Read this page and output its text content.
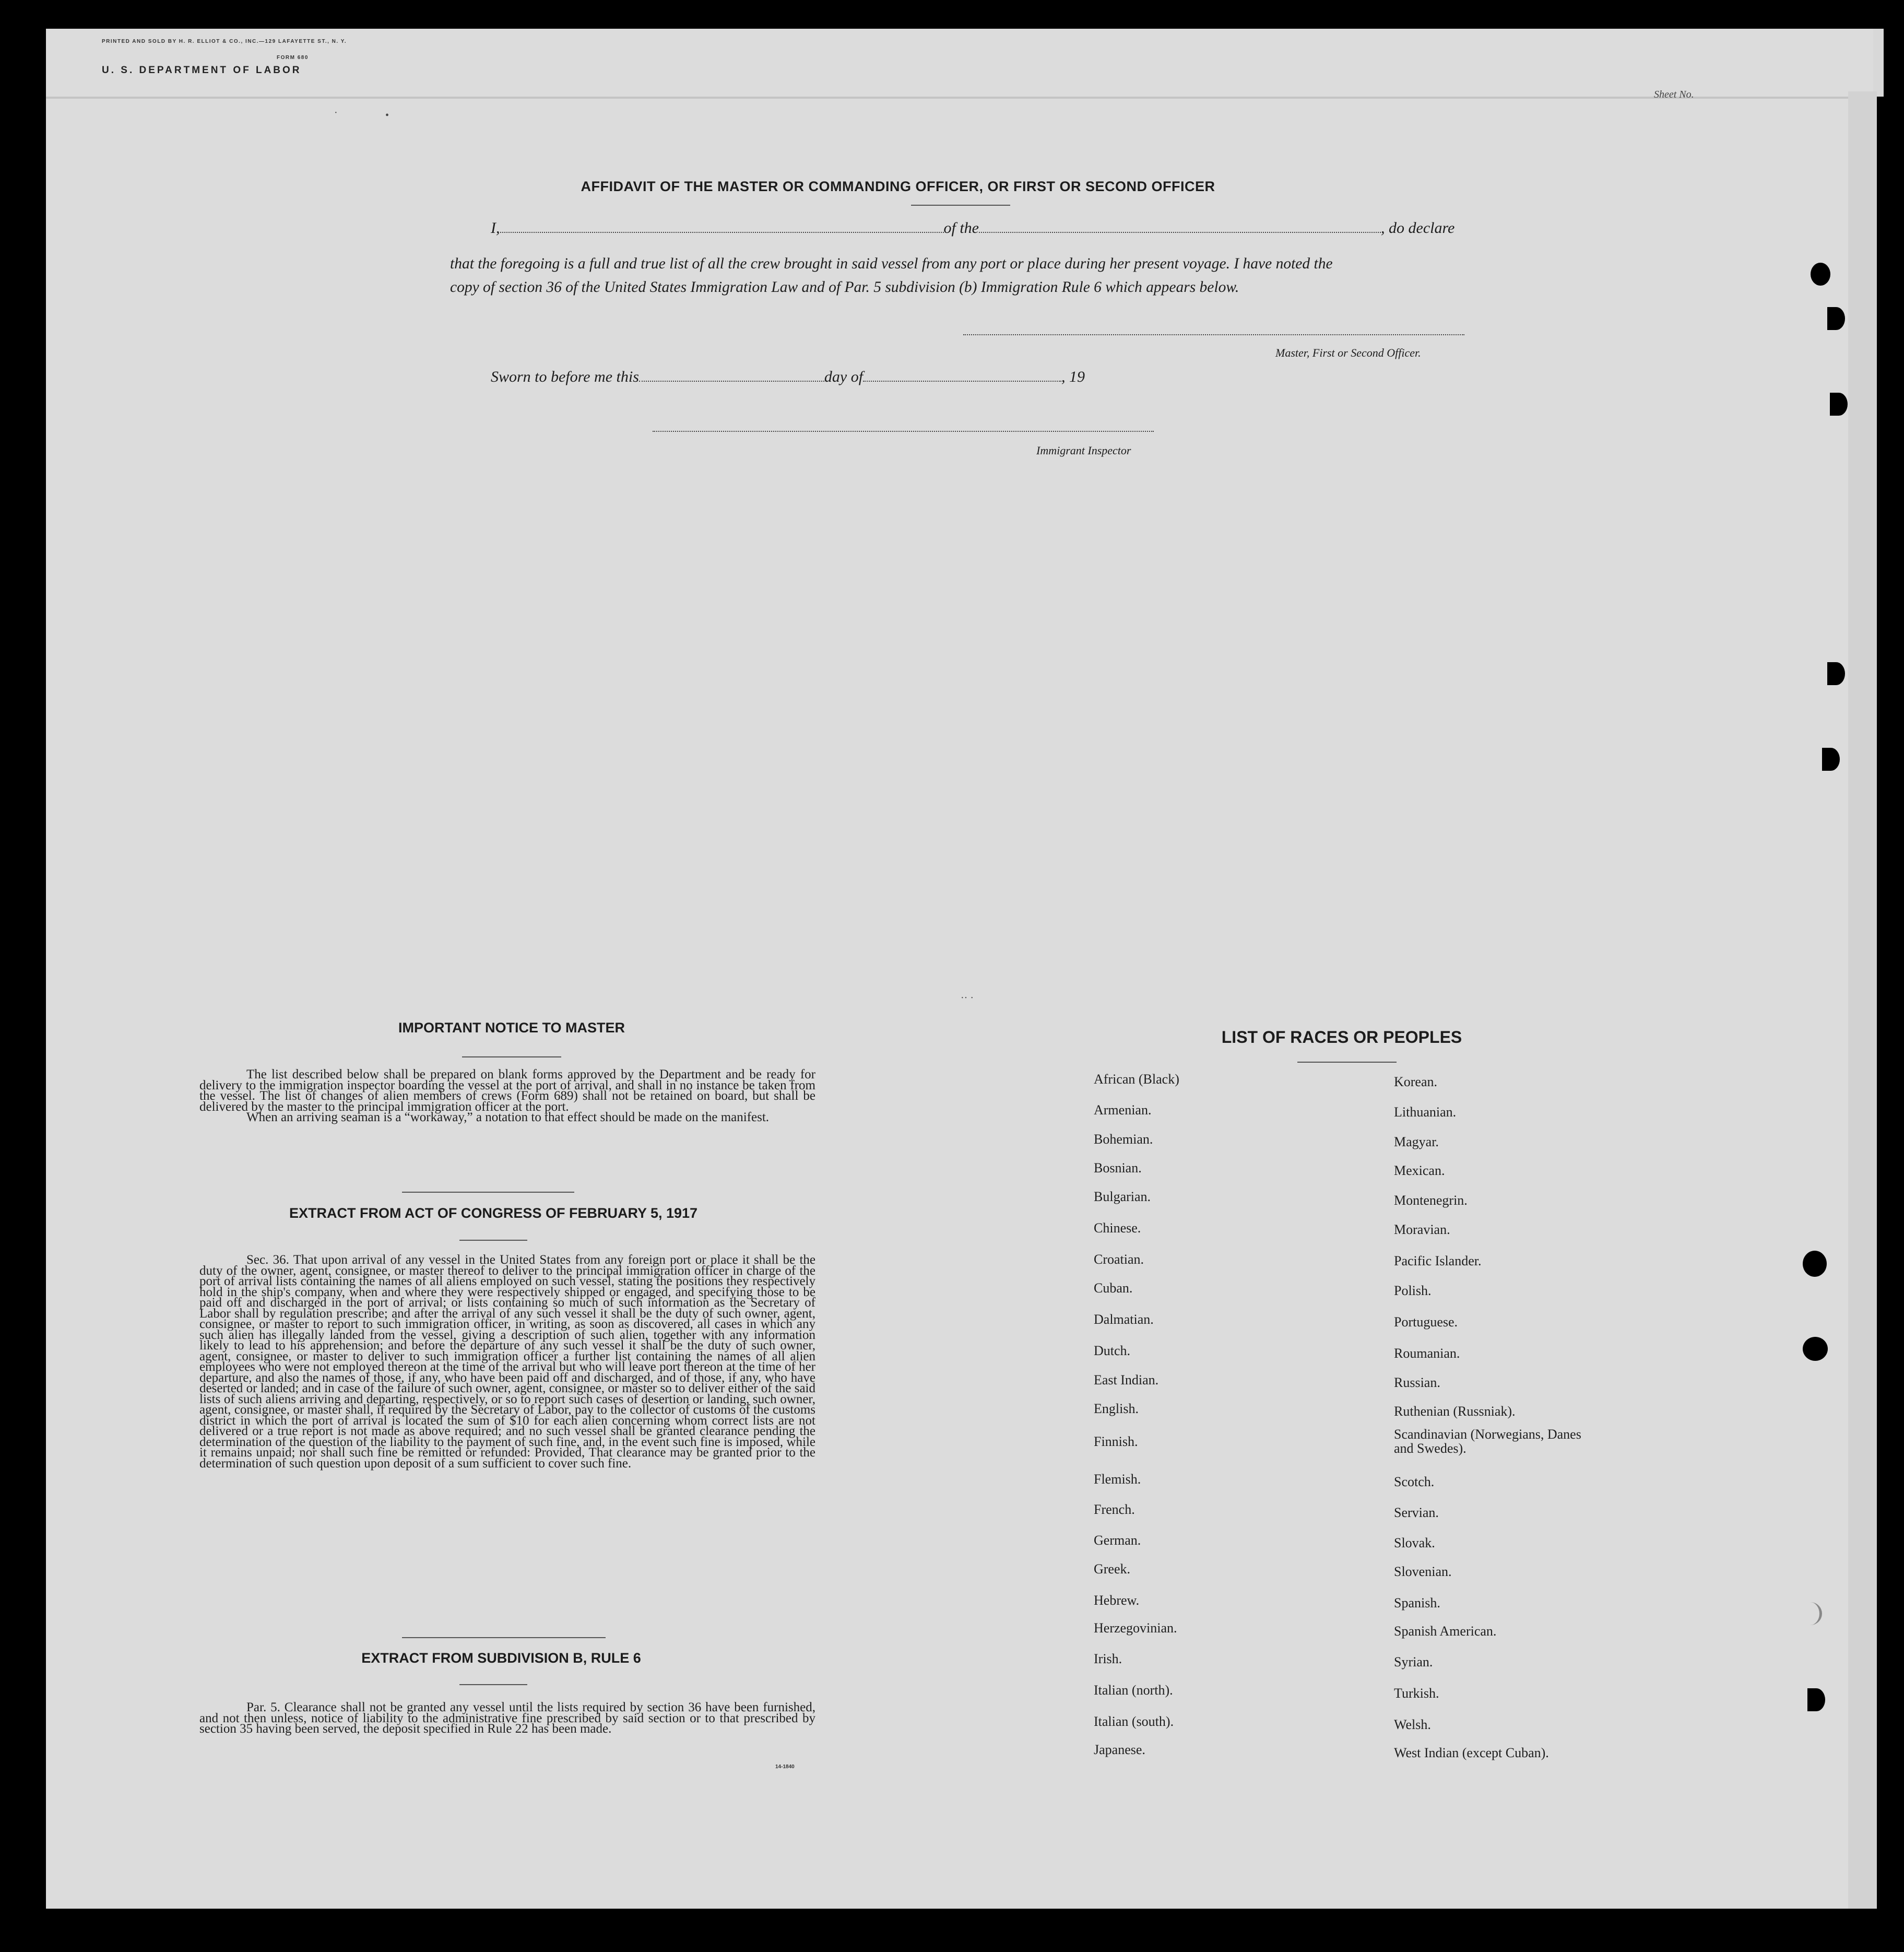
PRINTED AND SOLD BY H. R. ELLIOT & CO., INC.—129 LAFAYETTE ST., N. Y.
FORM 680
U. S. DEPARTMENT OF LABOR
Sheet No.
AFFIDAVIT OF THE MASTER OR COMMANDING OFFICER, OR FIRST OR SECOND OFFICER
I,	of the	, do declare
that the foregoing is a full and true list of all the crew brought in said vessel from any port or place during her present voyage. I have noted the
copy of section 36 of the United States Immigration Law and of Par. 5 subdivision (b) Immigration Rule 6 which appears below.
Master, First or Second Officer.
Sworn to before me this	day of	, 19
Immigrant Inspector
IMPORTANT NOTICE TO MASTER

The list described below shall be prepared on blank forms approved by the Department and be ready for delivery to the immigration inspector boarding the vessel at the port of arrival, and shall in no instance be taken from the vessel. The list of changes of alien members of crews (Form 689) shall not be retained on board, but shall be delivered by the master to the principal immigration officer at the port.

When an arriving seaman is a “workaway,” a notation to that effect should be made on the manifest.

EXTRACT FROM ACT OF CONGRESS OF FEBRUARY 5, 1917

Sec. 36. That upon arrival of any vessel in the United States from any foreign port or place it shall be the duty of the owner, agent, consignee, or master thereof to deliver to the principal immigration officer in charge of the port of arrival lists containing the names of all aliens employed on such vessel, stating the positions they respectively hold in the ship's company, when and where they were respectively shipped or engaged, and specifying those to be paid off and discharged in the port of arrival; or lists containing so much of such information as the Secretary of Labor shall by regulation prescribe; and after the arrival of any such vessel it shall be the duty of such owner, agent, consignee, or master to report to such immigration officer, in writing, as soon as discovered, all cases in which any such alien has illegally landed from the vessel, giving a description of such alien, together with any information likely to lead to his apprehension; and before the departure of any such vessel it shall be the duty of such owner, agent, consignee, or master to deliver to such immigration officer a further list containing the names of all alien employees who were not employed thereon at the time of the arrival but who will leave port thereon at the time of her departure, and also the names of those, if any, who have been paid off and discharged, and of those, if any, who have deserted or landed; and in case of the failure of such owner, agent, consignee, or master so to deliver either of the said lists of such aliens arriving and departing, respectively, or so to report such cases of desertion or landing, such owner, agent, consignee, or master shall, if required by the Secretary of Labor, pay to the collector of customs of the customs district in which the port of arrival is located the sum of $10 for each alien concerning whom correct lists are not delivered or a true report is not made as above required; and no such vessel shall be granted clearance pending the determination of the question of the liability to the payment of such fine, and, in the event such fine is imposed, while it remains unpaid; nor shall such fine be remitted or refunded: Provided, That clearance may be granted prior to the determination of such question upon deposit of a sum sufficient to cover such fine.

EXTRACT FROM SUBDIVISION B, RULE 6

Par. 5. Clearance shall not be granted any vessel until the lists required by section 36 have been furnished, and not then unless, notice of liability to the administrative fine prescribed by said section or to that prescribed by section 35 having been served, the deposit specified in Rule 22 has been made.

14-1840
LIST OF RACES OR PEOPLES
·	•
·· ·
African (Black)
Armenian.
Bohemian.
Bosnian.
Bulgarian.
Chinese.
Croatian.
Cuban.
Dalmatian.
Dutch.
East Indian.
English.
Finnish.
Flemish.
French.
German.
Greek.
Hebrew.
Herzegovinian.
Irish.
Italian (north).
Italian (south).
Japanese.
Korean.
Lithuanian.
Magyar.
Mexican.
Montenegrin.
Moravian.
Pacific Islander.
Polish.
Portuguese.
Roumanian.
Russian.
Ruthenian (Russniak).
Scandinavian (Norwegians, Danes and Swedes).
Scotch.
Servian.
Slovak.
Slovenian.
Spanish.
Spanish American.
Syrian.
Turkish.
Welsh.
West Indian (except Cuban).
